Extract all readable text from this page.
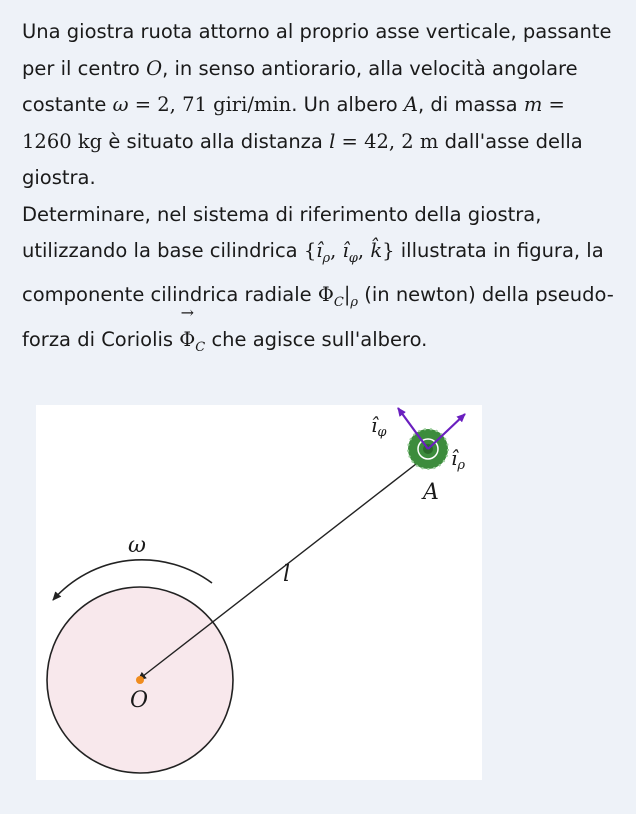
Una giostra ruota attorno al proprio asse verticale, passante per il centro O, in senso antiorario, alla velocità angolare costante ω = 2, 71 giri/min. Un albero A, di massa m = 1260 kg è situato alla distanza l = 42, 2 m dall'asse della giostra.

Determinare, nel sistema di riferimento della giostra, utilizzando la base cilindrica {$î_\rho$, $î_\varphi$, k̂} illustrata in figura, la componente cilindrica radiale $\Phi_C|_\rho$ (in newton) della pseudo-forza di Coriolis
→
$\Phi_C$ che agisce sull'albero.

$î_\varphi$
$î_\rho$
A
ω
l
O
